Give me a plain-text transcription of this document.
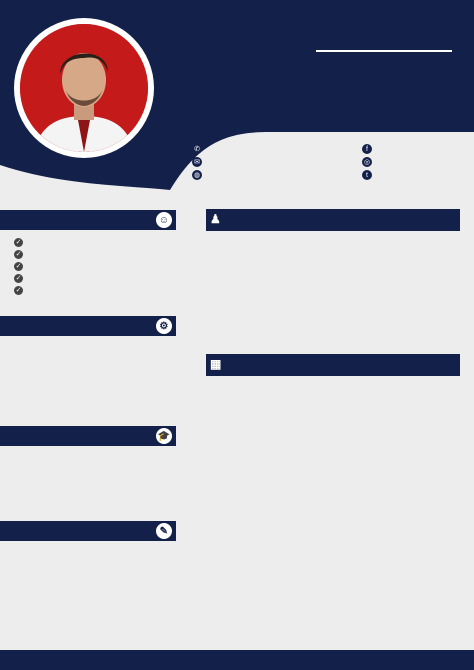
✆
✉
◍
f
◎
t
☺
✓
✓
✓
✓
✓
⚙
🎓
✎
♟
▦
